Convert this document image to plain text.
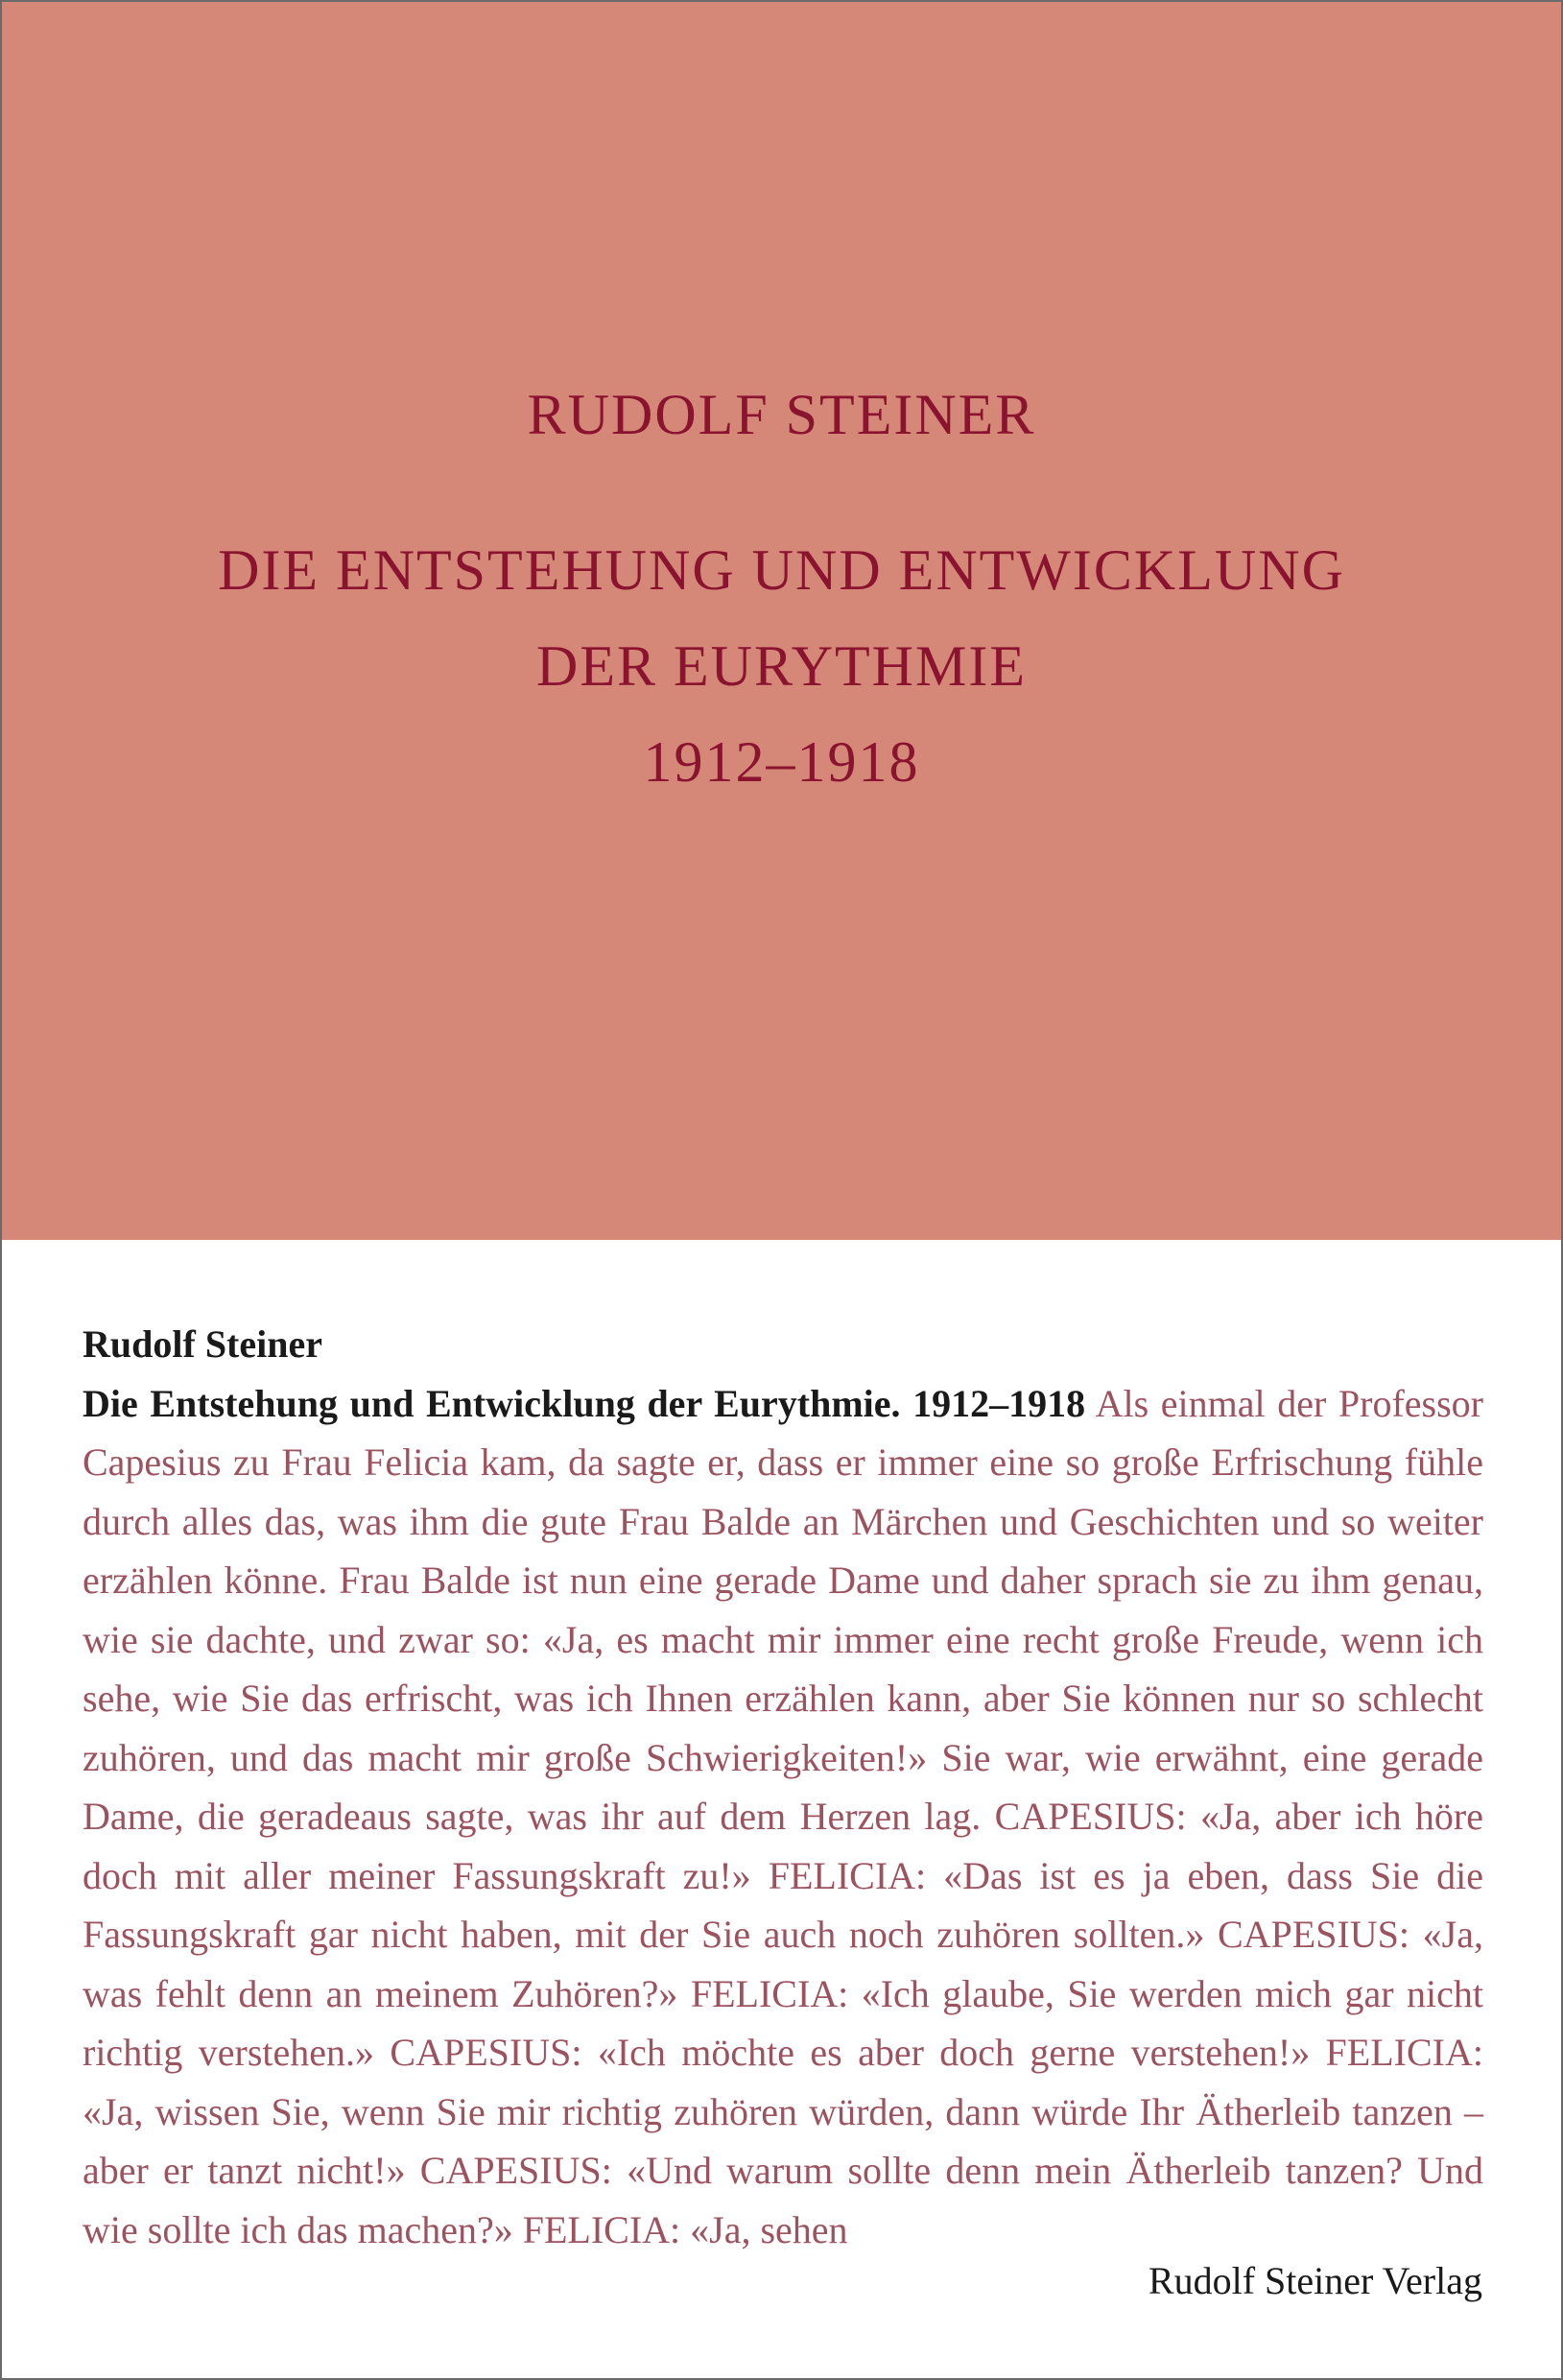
RUDOLF STEINER
DIE ENTSTEHUNG UND ENTWICKLUNG
DER EURYTHMIE
1912–1918

Rudolf Steiner
Die Entstehung und Entwicklung der Eurythmie. 1912–1918 Als einmal der Professor Capesius zu Frau Felicia kam, da sagte er, dass er immer eine so große Erfrischung fühle durch alles das, was ihm die gute Frau Balde an Märchen und Geschichten und so weiter erzählen könne. Frau Balde ist nun eine gerade Dame und daher sprach sie zu ihm genau, wie sie dachte, und zwar so: «Ja, es macht mir immer eine recht große Freude, wenn ich sehe, wie Sie das erfrischt, was ich Ihnen erzählen kann, aber Sie können nur so schlecht zuhören, und das macht mir große Schwierigkeiten!» Sie war, wie erwähnt, eine gerade Dame, die geradeaus sagte, was ihr auf dem Herzen lag. CAPESIUS: «Ja, aber ich höre doch mit aller meiner Fassungskraft zu!» FELICIA: «Das ist es ja eben, dass Sie die Fassungskraft gar nicht haben, mit der Sie auch noch zuhören sollten.» CAPESIUS: «Ja, was fehlt denn an meinem Zuhören?» FELICIA: «Ich glaube, Sie werden mich gar nicht richtig verstehen.» CAPESIUS: «Ich möchte es aber doch gerne verstehen!» FELICIA: «Ja, wissen Sie, wenn Sie mir richtig zuhören würden, dann würde Ihr Ätherleib tanzen – aber er tanzt nicht!» CAPESIUS: «Und warum sollte denn mein Ätherleib tanzen? Und wie sollte ich das machen?» FELICIA: «Ja, sehen

Rudolf Steiner Verlag
